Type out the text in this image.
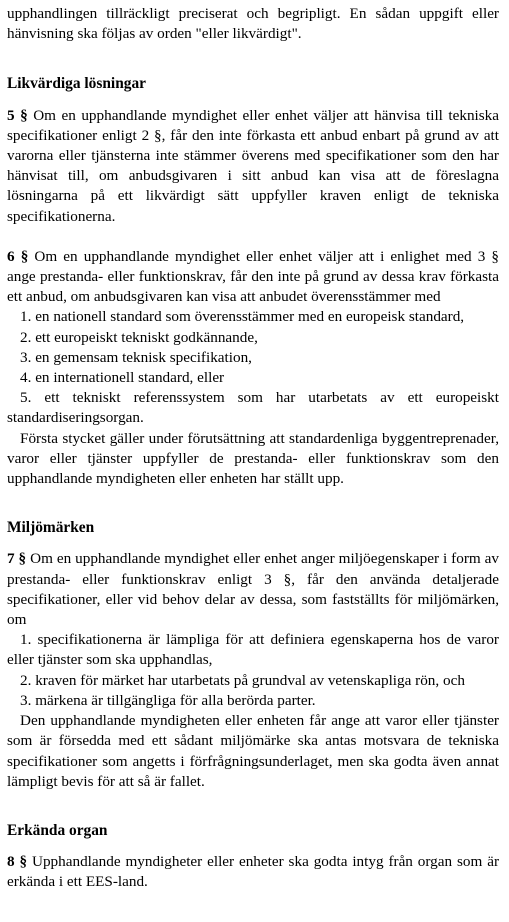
upphandlingen tillräckligt preciserat och begripligt. En sådan uppgift eller hänvisning ska följas av orden "eller likvärdigt".

Likvärdiga lösningar

5 § Om en upphandlande myndighet eller enhet väljer att hänvisa till tekniska specifikationer enligt 2 §, får den inte förkasta ett anbud enbart på grund av att varorna eller tjänsterna inte stämmer överens med specifikationer som den har hänvisat till, om anbudsgivaren i sitt anbud kan visa att de föreslagna lösningarna på ett likvärdigt sätt uppfyller kraven enligt de tekniska specifikationerna.

6 § Om en upphandlande myndighet eller enhet väljer att i enlighet med 3 § ange prestanda- eller funktionskrav, får den inte på grund av dessa krav förkasta ett anbud, om anbudsgivaren kan visa att anbudet överensstämmer med

1. en nationell standard som överensstämmer med en europeisk standard,

2. ett europeiskt tekniskt godkännande,

3. en gemensam teknisk specifikation,

4. en internationell standard, eller

5. ett tekniskt referenssystem som har utarbetats av ett europeiskt standardiseringsorgan.

Första stycket gäller under förutsättning att standardenliga byggentreprenader, varor eller tjänster uppfyller de prestanda- eller funktionskrav som den upphandlande myndigheten eller enheten har ställt upp.

Miljömärken

7 § Om en upphandlande myndighet eller enhet anger miljöegenskaper i form av prestanda- eller funktionskrav enligt 3 §, får den använda detaljerade specifikationer, eller vid behov delar av dessa, som fastställts för miljömärken, om

1. specifikationerna är lämpliga för att definiera egenskaperna hos de varor eller tjänster som ska upphandlas,

2. kraven för märket har utarbetats på grundval av vetenskapliga rön, och

3. märkena är tillgängliga för alla berörda parter.

Den upphandlande myndigheten eller enheten får ange att varor eller tjänster som är försedda med ett sådant miljömärke ska antas motsvara de tekniska specifikationer som angetts i förfrågningsunderlaget, men ska godta även annat lämpligt bevis för att så är fallet.

Erkända organ

8 § Upphandlande myndigheter eller enheter ska godta intyg från organ som är erkända i ett EES-land.
